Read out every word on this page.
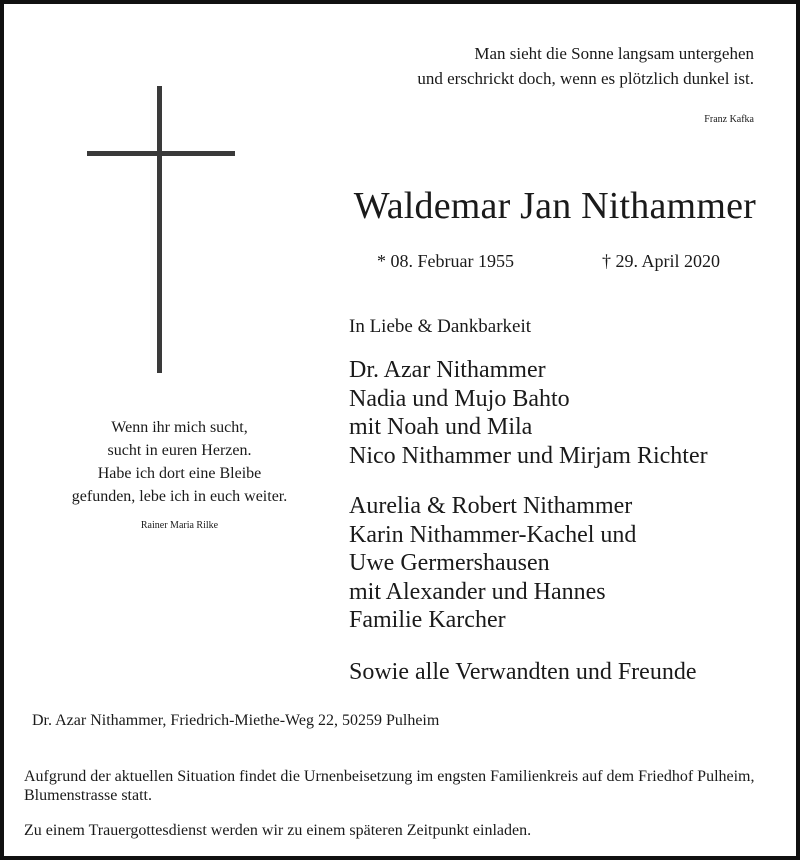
Man sieht die Sonne langsam untergehen
und erschrickt doch, wenn es plötzlich dunkel ist.
Franz Kafka
Waldemar Jan Nithammer
* 08. Februar 1955	† 29. April 2020
In Liebe & Dankbarkeit
Dr. Azar Nithammer
Nadia und Mujo Bahto
mit Noah und Mila
Nico Nithammer und Mirjam Richter
Aurelia & Robert Nithammer
Karin Nithammer-Kachel und
Uwe Germershausen
mit Alexander und Hannes
Familie Karcher
Sowie alle Verwandten und Freunde
Wenn ihr mich sucht,
sucht in euren Herzen.
Habe ich dort eine Bleibe
gefunden, lebe ich in euch weiter.
Rainer Maria Rilke
Dr. Azar Nithammer, Friedrich-Miethe-Weg 22, 50259 Pulheim
Aufgrund der aktuellen Situation findet die Urnenbeisetzung im engsten Familienkreis auf dem Friedhof Pulheim, Blumenstrasse statt.
Zu einem Trauergottesdienst werden wir zu einem späteren Zeitpunkt einladen.
